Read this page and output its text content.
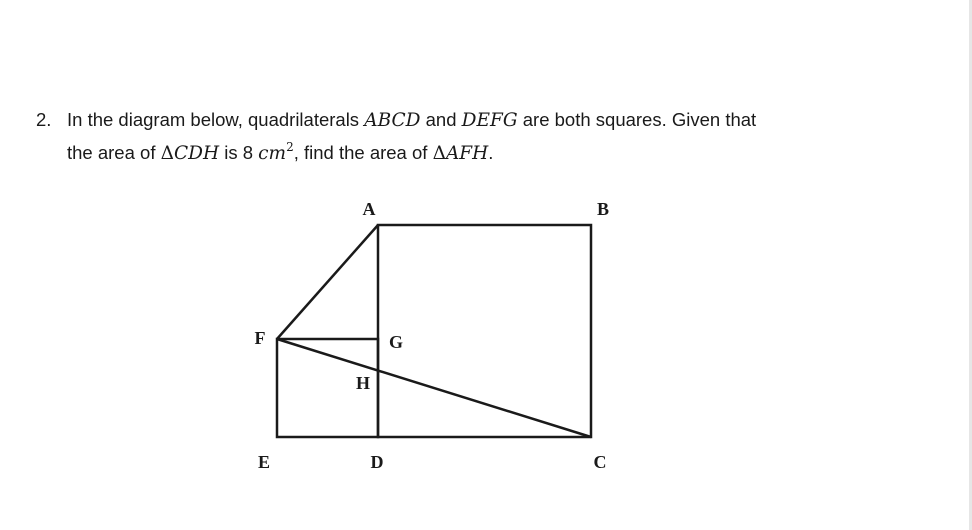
2. In the diagram below, quadrilaterals ABCD and DEFG are both squares. Given that
the area of ΔCDH is 8 $cm^2$, find the area of ΔAFH.
A	B
C
D
E
F	G
H
